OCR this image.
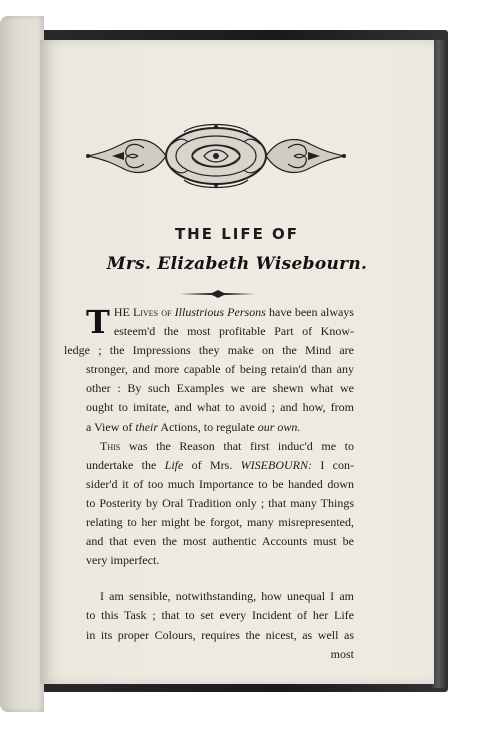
THE LIFE OF
Mrs. Elizabeth Wisebourn.
T HE Lives of Illustrious Persons have been always
esteem'd the most profitable Part of Know-
ledge ; the Impressions they make on the Mind are
stronger, and more capable of being retain'd than any
other : By such Examples we are shewn what we
ought to imitate, and what to avoid ; and how, from
a View of their Actions, to regulate our own.
This was the Reason that first induc'd me to
undertake the Life of Mrs. WISEBOURN: I con-
sider'd it of too much Importance to be handed down
to Posterity by Oral Tradition only ; that many Things
relating to her might be forgot, many misrepresented,
and that even the most authentic Accounts must be
very imperfect.
I am sensible, notwithstanding, how unequal I am
to this Task ; that to set every Incident of her Life
in its proper Colours, requires the nicest, as well as
most
